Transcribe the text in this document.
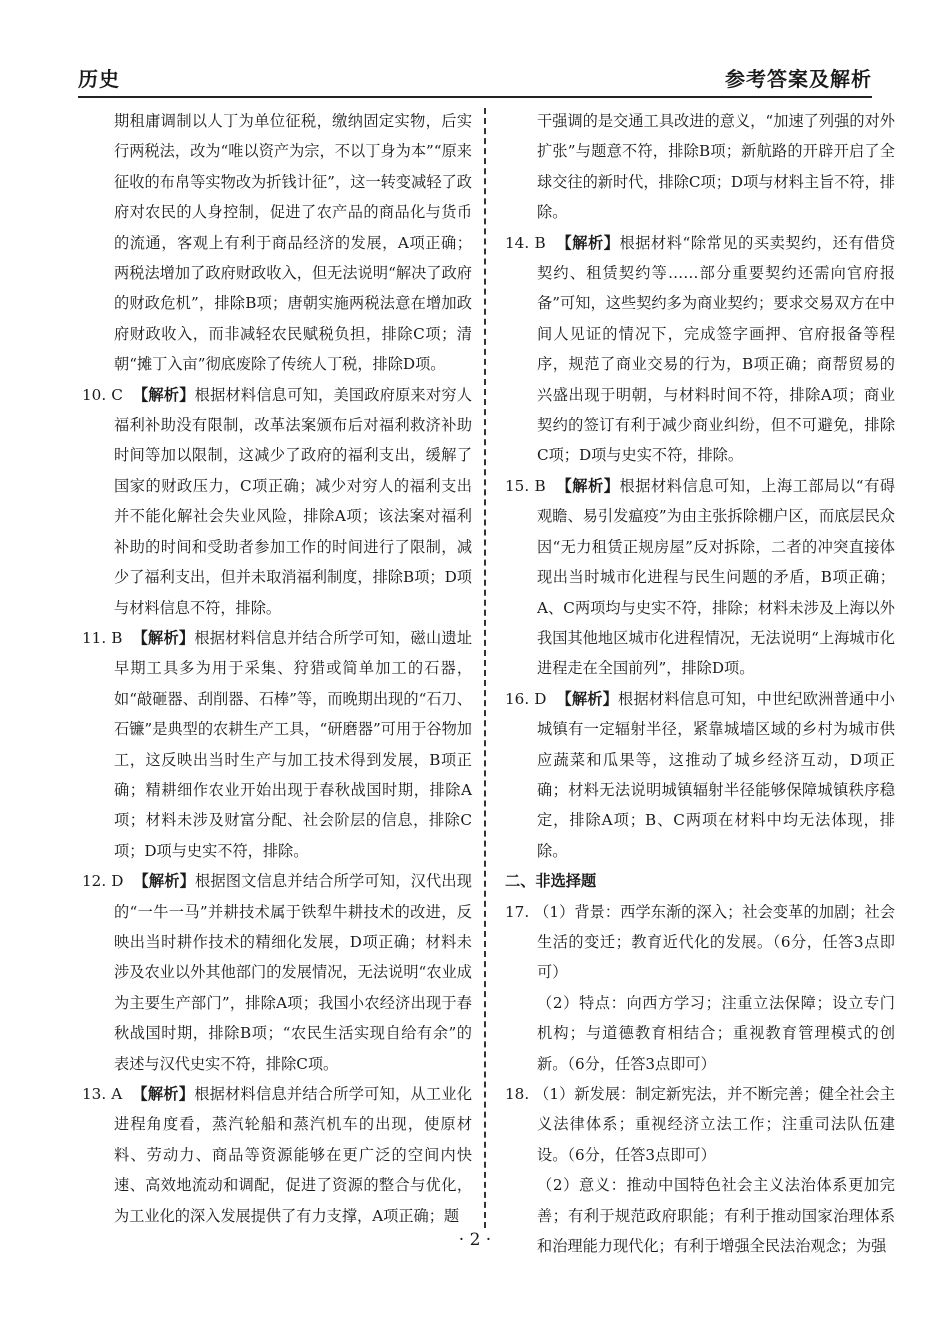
历史	参考答案及解析

期租庸调制以人丁为单位征税，缴纳固定实物，后实行两税法，改为“唯以资产为宗，不以丁身为本”“原来征收的布帛等实物改为折钱计征”，这一转变减轻了政府对农民的人身控制，促进了农产品的商品化与货币的流通，客观上有利于商品经济的发展，A项正确；两税法增加了政府财政收入，但无法说明“解决了政府的财政危机”，排除B项；唐朝实施两税法意在增加政府财政收入，而非减轻农民赋税负担，排除C项；清朝“摊丁入亩”彻底废除了传统人丁税，排除D项。

10. C 【解析】根据材料信息可知，美国政府原来对穷人福利补助没有限制，改革法案颁布后对福利救济补助时间等加以限制，这减少了政府的福利支出，缓解了国家的财政压力，C项正确；减少对穷人的福利支出并不能化解社会失业风险，排除A项；该法案对福利补助的时间和受助者参加工作的时间进行了限制，减少了福利支出，但并未取消福利制度，排除B项；D项与材料信息不符，排除。

11. B 【解析】根据材料信息并结合所学可知，磁山遗址早期工具多为用于采集、狩猎或简单加工的石器，如“敲砸器、刮削器、石棒”等，而晚期出现的“石刀、石镰”是典型的农耕生产工具，“研磨器”可用于谷物加工，这反映出当时生产与加工技术得到发展，B项正确；精耕细作农业开始出现于春秋战国时期，排除A项；材料未涉及财富分配、社会阶层的信息，排除C项；D项与史实不符，排除。

12. D 【解析】根据图文信息并结合所学可知，汉代出现的“一牛一马”并耕技术属于铁犁牛耕技术的改进，反映出当时耕作技术的精细化发展，D项正确；材料未涉及农业以外其他部门的发展情况，无法说明“农业成为主要生产部门”，排除A项；我国小农经济出现于春秋战国时期，排除B项；“农民生活实现自给有余”的表述与汉代史实不符，排除C项。

13. A 【解析】根据材料信息并结合所学可知，从工业化进程角度看，蒸汽轮船和蒸汽机车的出现，使原材料、劳动力、商品等资源能够在更广泛的空间内快速、高效地流动和调配，促进了资源的整合与优化，为工业化的深入发展提供了有力支撑，A项正确；题

干强调的是交通工具改进的意义，“加速了列强的对外扩张”与题意不符，排除B项；新航路的开辟开启了全球交往的新时代，排除C项；D项与材料主旨不符，排除。

14. B 【解析】根据材料“除常见的买卖契约，还有借贷契约、租赁契约等……部分重要契约还需向官府报备”可知，这些契约多为商业契约；要求交易双方在中间人见证的情况下，完成签字画押、官府报备等程序，规范了商业交易的行为，B项正确；商帮贸易的兴盛出现于明朝，与材料时间不符，排除A项；商业契约的签订有利于减少商业纠纷，但不可避免，排除C项；D项与史实不符，排除。

15. B 【解析】根据材料信息可知，上海工部局以“有碍观瞻、易引发瘟疫”为由主张拆除棚户区，而底层民众因“无力租赁正规房屋”反对拆除，二者的冲突直接体现出当时城市化进程与民生问题的矛盾，B项正确；A、C两项均与史实不符，排除；材料未涉及上海以外我国其他地区城市化进程情况，无法说明“上海城市化进程走在全国前列”，排除D项。

16. D 【解析】根据材料信息可知，中世纪欧洲普通中小城镇有一定辐射半径，紧靠城墙区域的乡村为城市供应蔬菜和瓜果等，这推动了城乡经济互动，D项正确；材料无法说明城镇辐射半径能够保障城镇秩序稳定，排除A项；B、C两项在材料中均无法体现，排除。

二、非选择题

17. （1）背景：西学东渐的深入；社会变革的加剧；社会生活的变迁；教育近代化的发展。（6分，任答3点即可）

（2）特点：向西方学习；注重立法保障；设立专门机构；与道德教育相结合；重视教育管理模式的创新。（6分，任答3点即可）

18. （1）新发展：制定新宪法，并不断完善；健全社会主义法律体系；重视经济立法工作；注重司法队伍建设。（6分，任答3点即可）

（2）意义：推动中国特色社会主义法治体系更加完善；有利于规范政府职能；有利于推动国家治理体系和治理能力现代化；有利于增强全民法治观念；为强

· 2 ·
